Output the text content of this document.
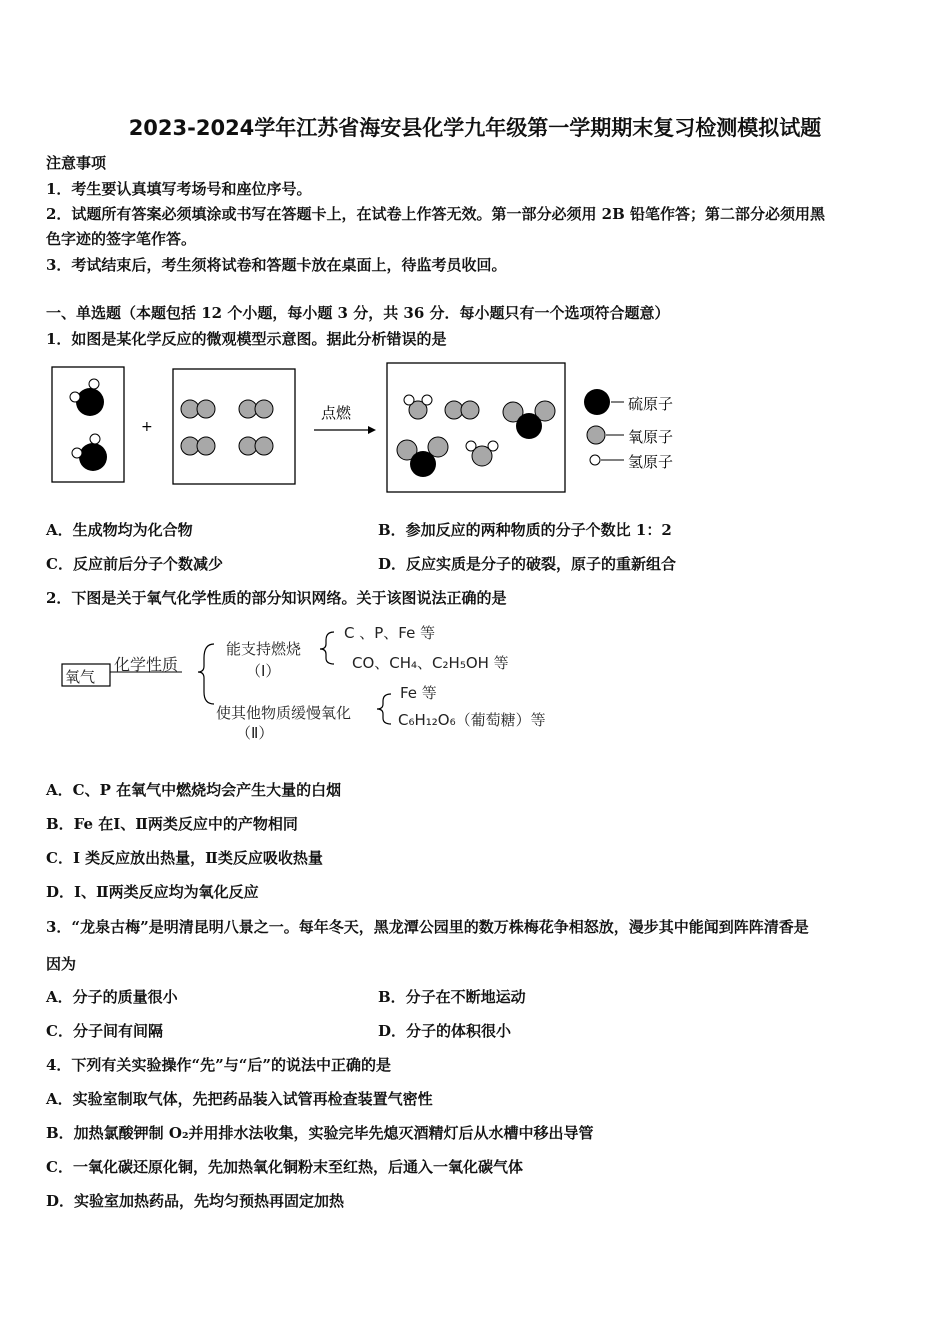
2023-2024学年江苏省海安县化学九年级第一学期期末复习检测模拟试题
注意事项
1．考生要认真填写考场号和座位序号。
2．试题所有答案必须填涂或书写在答题卡上，在试卷上作答无效。第一部分必须用 2B 铅笔作答；第二部分必须用黑
色字迹的签字笔作答。
3．考试结束后，考生须将试卷和答题卡放在桌面上，待监考员收回。
一、单选题（本题包括 12 个小题，每小题 3 分，共 36 分．每小题只有一个选项符合题意）
1．如图是某化学反应的微观模型示意图。据此分析错误的是
+
点燃	硫原子
氧原子
氢原子
A．生成物均为化合物	B．参加反应的两种物质的分子个数比 1：2
C．反应前后分子个数减少	D．反应实质是分子的破裂，原子的重新组合
2．下图是关于氧气化学性质的部分知识网络。关于该图说法正确的是
氧气
化学性质
能支持燃烧
（Ⅰ）
使其他物质缓慢氧化
（Ⅱ）
C 、P、Fe 等
CO、CH₄、C₂H₅OH 等
Fe 等
C₆H₁₂O₆（葡萄糖）等
A．C、P 在氧气中燃烧均会产生大量的白烟
B．Fe 在Ⅰ、Ⅱ两类反应中的产物相同
C．I 类反应放出热量，Ⅱ类反应吸收热量
D．I、Ⅱ两类反应均为氧化反应
3．“龙泉古梅”是明清昆明八景之一。每年冬天，黑龙潭公园里的数万株梅花争相怒放，漫步其中能闻到阵阵清香是
因为
A．分子的质量很小	B．分子在不断地运动
C．分子间有间隔	D．分子的体积很小
4．下列有关实验操作“先”与“后”的说法中正确的是
A．实验室制取气体，先把药品装入试管再检查装置气密性
B．加热氯酸钾制 O₂并用排水法收集，实验完毕先熄灭酒精灯后从水槽中移出导管
C．一氧化碳还原化铜，先加热氧化铜粉末至红热，后通入一氧化碳气体
D．实验室加热药品，先均匀预热再固定加热
